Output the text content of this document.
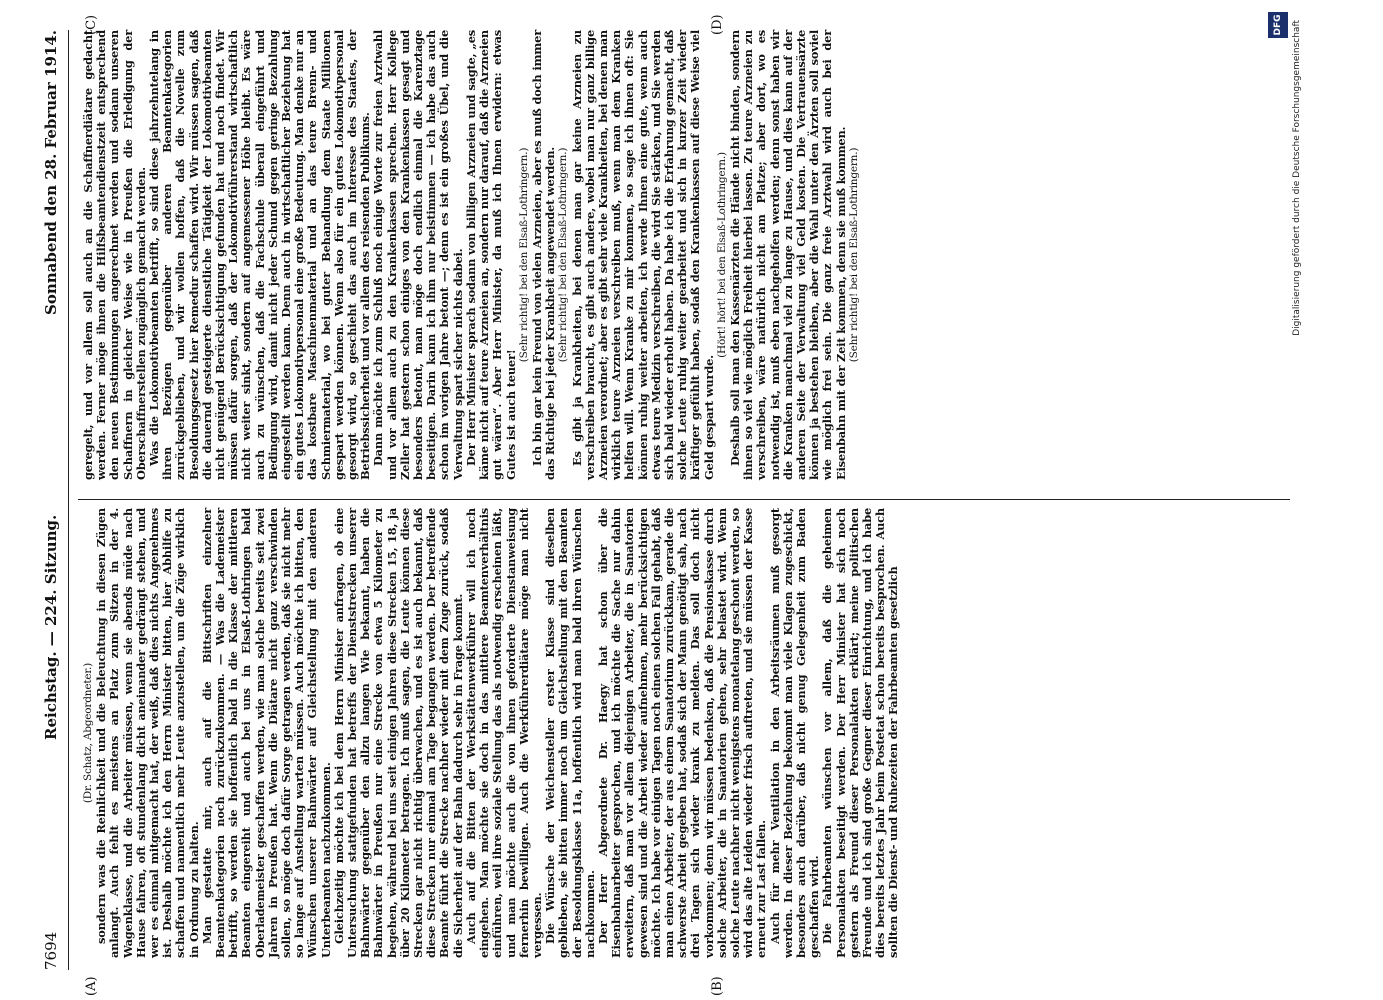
7694
Reichstag. — 224. Sitzung.
Sonnabend den 28. Februar 1914.
(A)	(B)
(C)	(D)

(Dr. Schatz, Abgeordneter.) sondern was die Reinlichkeit und die Beleuchtung in diesen Zügen anlangt. Auch fehlt es meistens an Platz zum Sitzen in der 4. Wagenklasse, und die Arbeiter müssen, wenn sie abends müde nach Hause fahren, oft stundenlang dicht aneinander gedrängt stehen, und wer es einmal mitgemacht hat, der weiß, daß dies nichts Angenehmes ist. Deshalb möchte ich den Herrn Minister bitten, hier Abhilfe zu schaffen und namentlich mehr Leute anzustellen, um die Züge wirklich in Ordnung zu halten. Man gestatte mir, auch auf die Bittschriften einzelner Beamtenkategorien noch zurückzukommen. — Was die Lademeister betrifft, so werden sie hoffentlich bald in die Klasse der mittleren Beamten eingereiht und auch bei uns in Elsaß-Lothringen bald Oberlademeister geschaffen werden, wie man solche bereits seit zwei Jahren in Preußen hat. Wenn die Diätare nicht ganz verschwinden sollen, so möge doch dafür Sorge getragen werden, daß sie nicht mehr so lange auf Anstellung warten müssen. Auch möchte ich bitten, den Wünschen unserer Bahnwärter auf Gleichstellung mit den anderen Unterbeamten nachzukommen. Gleichzeitig möchte ich bei dem Herrn Minister anfragen, ob eine Untersuchung stattgefunden hat betreffs der Dienststrecken unserer Bahnwärter gegenüber den allzu langen Wie bekannt, haben die Bahnwärter in Preußen nur eine Strecke von etwa 5 Kilometer zu begehen, während bei uns seit einigen Jahren diese Strecken 15, 18, ja über 20 Kilometer betragen. Ich muß sagen, die Leute können diese Strecken gar nicht richtig überwachen, und es ist auch bekannt, daß diese Strecken nur einmal am Tage begangen werden. Der betreffende Beamte führt die Strecke nachher wieder mit dem Zuge zurück, sodaß die Sicherheit auf der Bahn dadurch sehr in Frage kommt. Auch auf die Bitten der Werkstättenwerkführer will ich noch eingehen. Man möchte sie doch in das mittlere Beamtenverhältnis einführen, weil ihre soziale Stellung das als notwendig erscheinen läßt, und man möchte auch die von ihnen geforderte Dienstanweisung fernerhin bewilligen. Auch die Werkführerdiätare möge man nicht vergessen. Die Wünsche der Weichensteller erster Klasse sind dieselben geblieben, sie bitten immer noch um Gleichstellung mit den Beamten der Besoldungsklasse 11a, hoffentlich wird man bald ihren Wünschen nachkommen. Der Herr Abgeordnete Dr. Haegy hat schon über die Eisenbahnarbeiter gesprochen, und ich möchte die Sache nur dahin erweitern, daß man vor allem diejenigen Arbeiter, die in Sanatorien gewesen sind und die Arbeit wieder aufnehmen, mehr berücksichtigen möchte. Ich habe vor einigen Tagen noch einen solchen Fall gehabt, daß man einen Arbeiter, der aus einem Sanatorium zurückkam, gerade die schwerste Arbeit gegeben hat, sodaß sich der Mann genötigt sah, nach drei Tagen sich wieder krank zu melden. Das soll doch nicht vorkommen; denn wir müssen bedenken, daß die Pensionskasse durch solche Arbeiter, die in Sanatorien gehen, sehr belastet wird. Wenn solche Leute nachher nicht wenigstens monatelang geschont werden, so wird das alte Leiden wieder frisch auftreten, und sie müssen der Kasse erneut zur Last fallen. Auch für mehr Ventilation in den Arbeitsräumen muß gesorgt werden. In dieser Beziehung bekommt man viele Klagen zugeschickt, besonders auch darüber, daß nicht genug Gelegenheit zum Baden geschaffen wird. Die Fahrbeamten wünschen vor allem, daß die geheimen Personalakten beseitigt werden. Der Herr Minister hat sich noch gestern als Freund dieser Personalakten erklärt; meine politischen Freunde und ich sind große Gegner dieser Einrichtung, und ich habe dies bereits letztes Jahr beim Postetat schon bereits besprochen. Auch sollten die Dienst- und Ruhezeiten der Fahrbeamten gesetzlich

geregelt, und vor allem soll auch an die Schaffnerdiätare gedacht werden. Ferner möge ihnen die Hilfsbeamtendienstzeit entsprechend den neuen Bestimmungen angerechnet werden und sodann unseren Schaffnern in gleicher Weise wie in Preußen die Erledigung der Oberschaffnerstellen zugänglich gemacht werden. Was die Lokomotivbeamten betrifft, so sind diese jahrzehntelang in ihren Bezügen gegenüber anderen Beamtenkategorien zurückgeblieben, und wir wollen hoffen, daß die Novelle zum Besoldungsgesetz hier Remedur schaffen wird. Wir müssen sagen, daß die dauernd gesteigerte dienstliche Tätigkeit der Lokomotivbeamten nicht genügend Berücksichtigung gefunden hat und noch findet. Wir müssen dafür sorgen, daß der Lokomotivführerstand wirtschaftlich nicht weiter sinkt, sondern auf angemessener Höhe bleibt. Es wäre auch zu wünschen, daß die Fachschule überall eingeführt und Bedingung wird, damit nicht jeder Schund gegen geringe Bezahlung eingestellt werden kann. Denn auch in wirtschaftlicher Beziehung hat ein gutes Lokomotivpersonal eine große Bedeutung. Man denke nur an das kostbare Maschinenmaterial und an das teure Brenn- und Schmiermaterial, wo bei guter Behandlung dem Staate Millionen gespart werden können. Wenn also für ein gutes Lokomotivpersonal gesorgt wird, so geschieht das auch im Interesse des Staates, der Betriebssicherheit und vor allem des reisenden Publikums. Dann möchte ich zum Schluß noch einige Worte zur freien Arztwahl und vor allem auch zu den Krankenkassen sprechen. Herr Kollege Zeller hat gestern schon einiges von den Krankenkassen gesagt und besonders betont, man möge doch endlich einmal die Karenztage beseitigen. Darin kann ich ihm nur beistimmen — ich habe das auch schon im vorigen Jahre betont —; denn es ist ein großes Übel, und die Verwaltung spart sicher nichts dabei. Der Herr Minister sprach sodann von billigen Arzneien und sagte, „es käme nicht auf teure Arzneien an, sondern nur darauf, daß die Arzneien gut wären“. Aber Herr Minister, da muß ich Ihnen erwidern: etwas Gutes ist auch teuer!

(Sehr richtig! bei den Elsaß-Lothringern.) Ich bin gar kein Freund von vielen Arzneien, aber es muß doch immer das Richtige bei jeder Krankheit angewendet werden. (Sehr richtig! bei den Elsaß-Lothringern.) Es gibt ja Krankheiten, bei denen man gar keine Arzneien zu verschreiben braucht, es gibt auch andere, wobei man nur ganz billige Arzneien verordnet; aber es gibt sehr viele Krankheiten, bei denen man wirklich teure Arzneien verschreiben muß, wenn man dem Kranken helfen will. Wenn Kranke zu mir kommen, so sage ich ihnen oft: Sie können ruhig weiter arbeiten, ich werde Ihnen eine gute, wenn auch etwas teure Medizin verschreiben, die wird Sie stärken, und Sie werden sich bald wieder erholt haben. Da habe ich die Erfahrung gemacht, daß solche Leute ruhig weiter gearbeitet und sich in kurzer Zeit wieder kräftiger gefühlt haben, sodaß den Krankenkassen auf diese Weise viel Geld gespart wurde.

(Hört! hört! bei den Elsaß-Lothringern.) Deshalb soll man den Kassenärzten die Hände nicht binden, sondern ihnen so viel wie möglich Freiheit hierbei lassen. Zu teure Arzneien zu verschreiben, wäre natürlich nicht am Platze; aber dort, wo es notwendig ist, muß eben nachgeholfen werden; denn sonst haben wir die Kranken manchmal viel zu lange zu Hause, und dies kann auf der anderen Seite der Verwaltung viel Geld kosten. Die Vertrauensärzte können ja bestehen bleiben, aber die Wahl unter den Ärzten soll soviel wie möglich frei sein. Die ganz freie Arztwahl wird auch bei der Eisenbahn mit der Zeit kommen, denn sie muß kommen. (Sehr richtig! bei den Elsaß-Lothringern.)

DFG	Digitalisierung gefördert durch die Deutsche Forschungsgemeinschaft
